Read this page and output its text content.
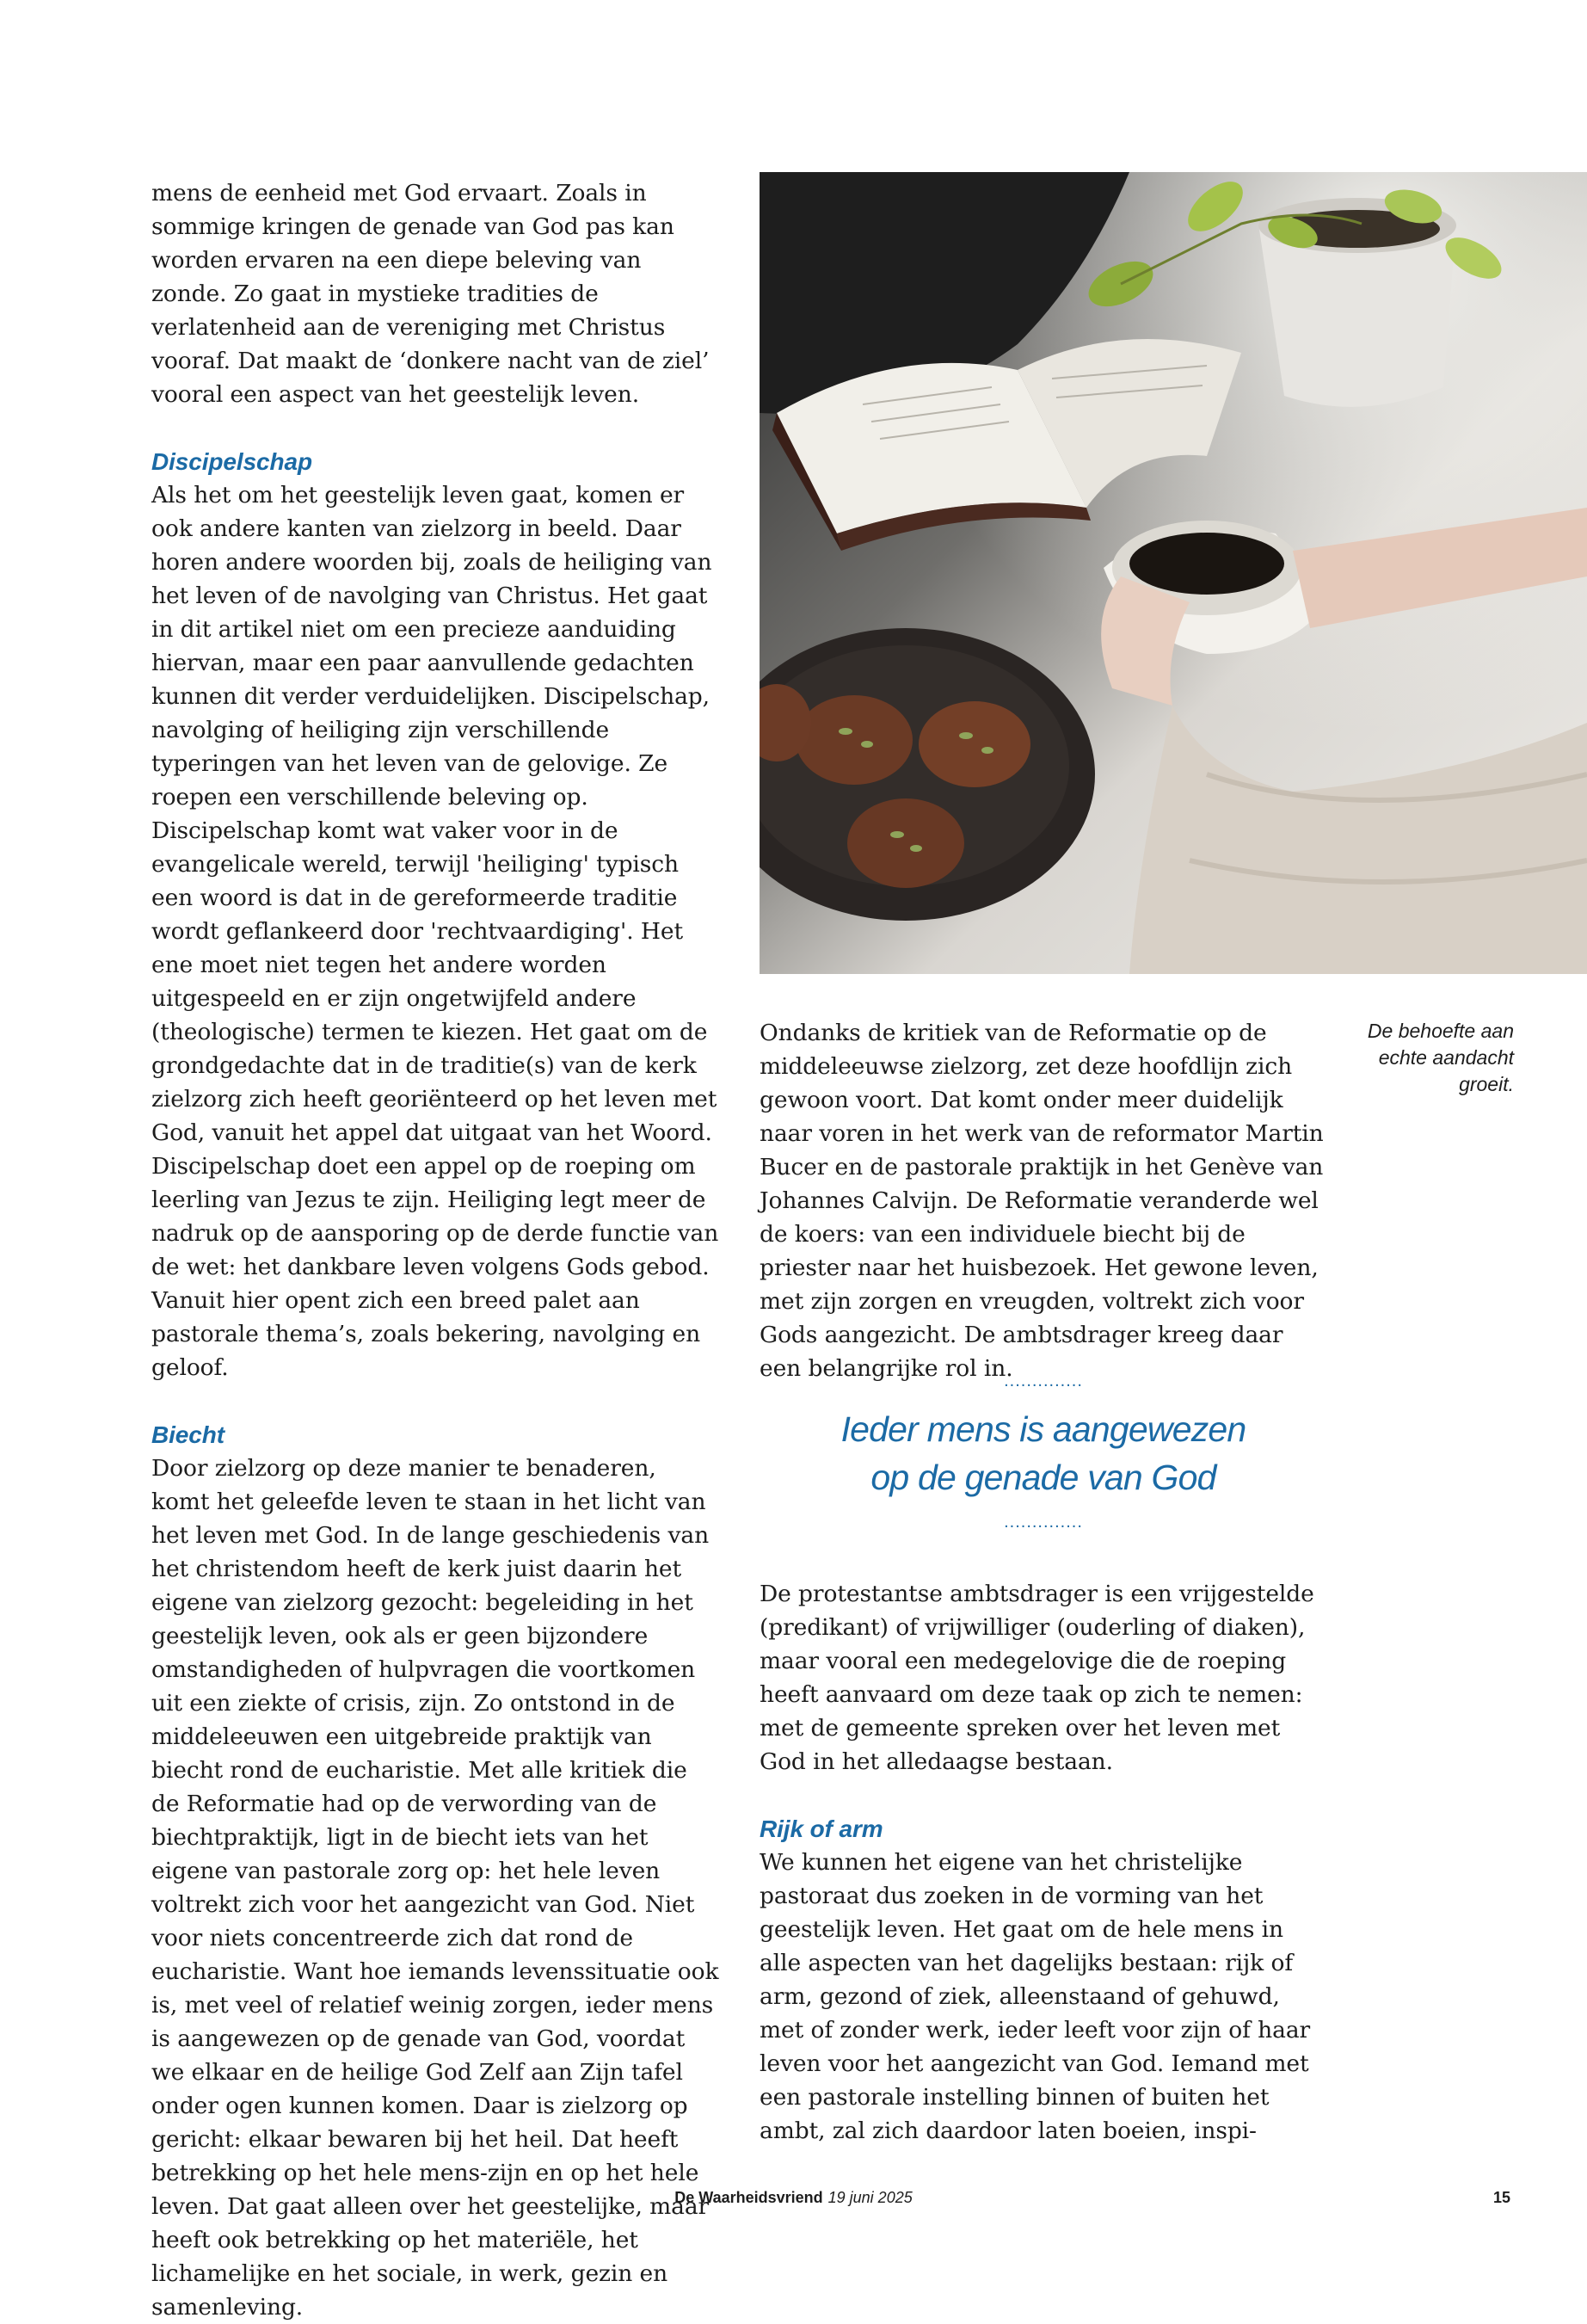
mens de eenheid met God ervaart. Zoals in sommige kringen de genade van God pas kan worden ervaren na een diepe beleving van zonde. Zo gaat in mystieke tradities de verlatenheid aan de vereniging met Christus vooraf. Dat maakt de ‘donkere nacht van de ziel’ vooral een aspect van het geestelijk leven.

Discipelschap

Als het om het geestelijk leven gaat, komen er ook andere kanten van zielzorg in beeld. Daar horen andere woorden bij, zoals de heiliging van het leven of de navolging van Christus. Het gaat in dit artikel niet om een precieze aanduiding hiervan, maar een paar aanvullende gedachten kunnen dit verder verduidelijken. Discipelschap, navolging of heiliging zijn verschillende typeringen van het leven van de gelovige. Ze roepen een verschillende beleving op. Discipelschap komt wat vaker voor in de evangelicale wereld, terwijl 'heiliging' typisch een woord is dat in de gereformeerde traditie wordt geflankeerd door 'rechtvaardiging'. Het ene moet niet tegen het andere worden uitgespeeld en er zijn ongetwijfeld andere (theologische) termen te kiezen. Het gaat om de grondgedachte dat in de traditie(s) van de kerk zielzorg zich heeft georiënteerd op het leven met God, vanuit het appel dat uitgaat van het Woord. Discipelschap doet een appel op de roeping om leerling van Jezus te zijn. Heiliging legt meer de nadruk op de aansporing op de derde functie van de wet: het dankbare leven volgens Gods gebod. Vanuit hier opent zich een breed palet aan pastorale thema’s, zoals bekering, navolging en geloof.

Biecht

Door zielzorg op deze manier te benaderen, komt het geleefde leven te staan in het licht van het leven met God. In de lange geschiedenis van het christendom heeft de kerk juist daarin het eigene van zielzorg gezocht: begeleiding in het geestelijk leven, ook als er geen bijzondere omstandigheden of hulpvragen die voortkomen uit een ziekte of crisis, zijn. Zo ontstond in de middeleeuwen een uitgebreide praktijk van biecht rond de eucharistie. Met alle kritiek die de Reformatie had op de verwording van de biechtpraktijk, ligt in de biecht iets van het eigene van pastorale zorg op: het hele leven voltrekt zich voor het aangezicht van God. Niet voor niets concentreerde zich dat rond de eucharistie. Want hoe iemands levenssituatie ook is, met veel of relatief weinig zorgen, ieder mens is aangewezen op de genade van God, voordat we elkaar en de heilige God Zelf aan Zijn tafel onder ogen kunnen komen. Daar is zielzorg op gericht: elkaar bewaren bij het heil. Dat heeft betrekking op het hele mens-zijn en op het hele leven. Dat gaat alleen over het geestelijke, maar heeft ook betrekking op het materiële, het lichamelijke en het sociale, in werk, gezin en samenleving.

De behoefte aan
echte aandacht
groeit.

Ondanks de kritiek van de Reformatie op de middeleeuwse zielzorg, zet deze hoofdlijn zich gewoon voort. Dat komt onder meer duidelijk naar voren in het werk van de reformator Martin Bucer en de pastorale praktijk in het Genève van Johannes Calvijn. De Reformatie veranderde wel de koers: van een individuele biecht bij de priester naar het huisbezoek. Het gewone leven, met zijn zorgen en vreugden, voltrekt zich voor Gods aangezicht. De ambtsdrager kreeg daar een belangrijke rol in.

..............
Ieder mens is aangewezen
op de genade van God
..............

De protestantse ambtsdrager is een vrijgestelde (predikant) of vrijwilliger (ouderling of diaken), maar vooral een medegelovige die de roeping heeft aanvaard om deze taak op zich te nemen: met de gemeente spreken over het leven met God in het alledaagse bestaan.

Rijk of arm

We kunnen het eigene van het christelijke pastoraat dus zoeken in de vorming van het geestelijk leven. Het gaat om de hele mens in alle aspecten van het dagelijks bestaan: rijk of arm, gezond of ziek, alleenstaand of gehuwd, met of zonder werk, ieder leeft voor zijn of haar leven voor het aangezicht van God. Iemand met een pastorale instelling binnen of buiten het ambt, zal zich daardoor laten boeien, inspi-

De Waarheidsvriend 19 juni 2025	15
